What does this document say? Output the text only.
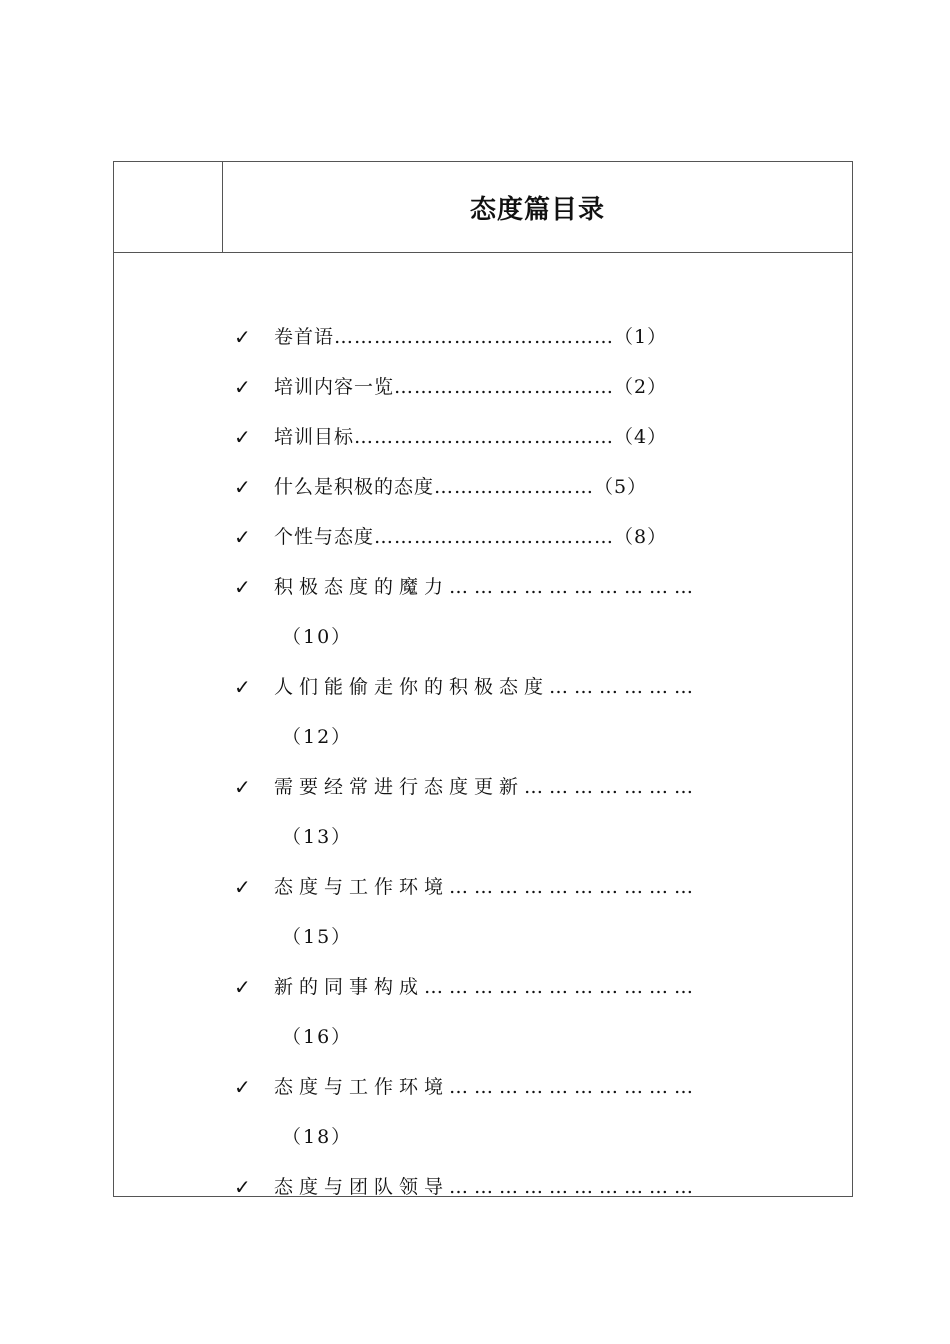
态度篇目录
✓	卷首语……………………………………（1）
✓	培训内容一览……………………………（2）
✓	培训目标…………………………………（4）
✓	什么是积极的态度……………………（5）
✓	个性与态度………………………………（8）
✓	积极态度的魔力…………………………
（10）
✓	人们能偷走你的积极态度………………
（12）
✓	需要经常进行态度更新…………………
（13）
✓	态度与工作环境…………………………
（15）
✓	新的同事构成……………………………
（16）
✓	态度与工作环境…………………………
（18）
✓	态度与团队领导…………………………
